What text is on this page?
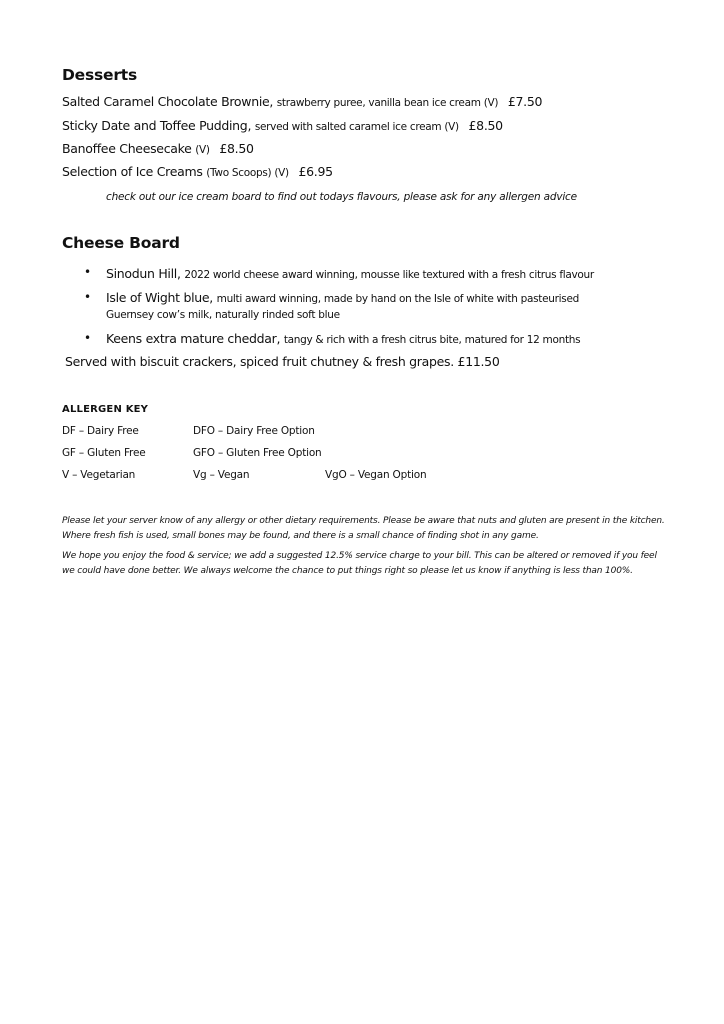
Desserts
Salted Caramel Chocolate Brownie, strawberry puree, vanilla bean ice cream (V) £7.50
Sticky Date and Toffee Pudding, served with salted caramel ice cream (V) £8.50
Banoffee Cheesecake (V) £8.50
Selection of Ice Creams (Two Scoops) (V) £6.95
check out our ice cream board to find out todays flavours, please ask for any allergen advice
Cheese Board
• Sinodun Hill, 2022 world cheese award winning, mousse like textured with a fresh citrus flavour
• Isle of Wight blue, multi award winning, made by hand on the Isle of white with pasteurised
Guernsey cow’s milk, naturally rinded soft blue
• Keens extra mature cheddar, tangy & rich with a fresh citrus bite, matured for 12 months
Served with biscuit crackers, spiced fruit chutney & fresh grapes. £11.50
ALLERGEN KEY
DF – Dairy Free	DFO – Dairy Free Option
GF – Gluten Free	GFO – Gluten Free Option
V – Vegetarian	Vg – Vegan	VgO – Vegan Option
Please let your server know of any allergy or other dietary requirements. Please be aware that nuts and gluten are present in the kitchen. Where fresh fish is used, small bones may be found, and there is a small chance of finding shot in any game.
We hope you enjoy the food & service; we add a suggested 12.5% service charge to your bill. This can be altered or removed if you feel we could have done better. We always welcome the chance to put things right so please let us know if anything is less than 100%.
